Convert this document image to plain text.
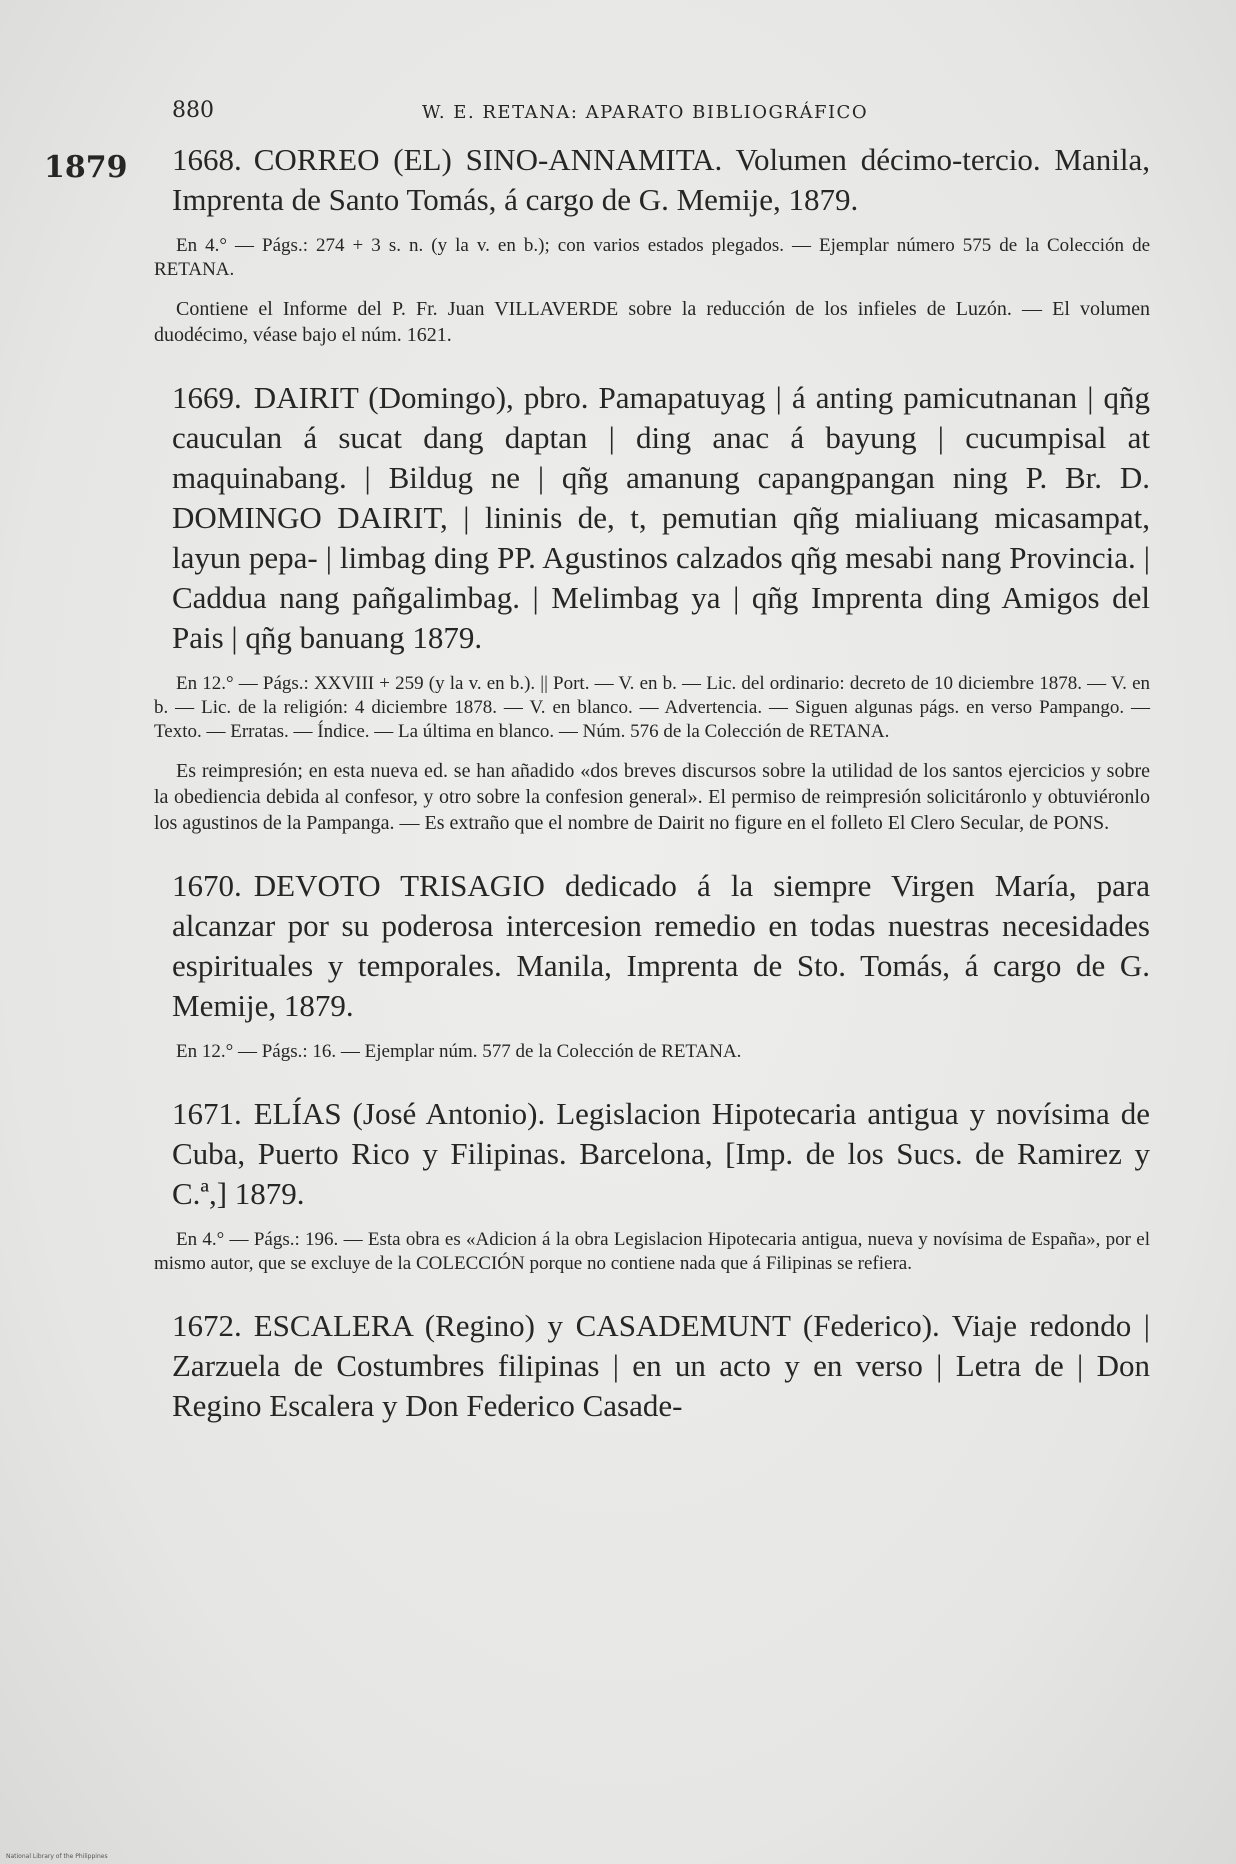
880	W. E. RETANA: APARATO BIBLIOGRÁFICO
1879	1668. CORREO (EL) SINO-ANNAMITA. Volumen décimo-tercio. Manila, Imprenta de Santo Tomás, á cargo de G. Memije, 1879.

En 4.° — Págs.: 274 + 3 s. n. (y la v. en b.); con varios estados plegados. — Ejemplar número 575 de la Colección de RETANA.

Contiene el Informe del P. Fr. Juan VILLAVERDE sobre la reducción de los infieles de Luzón. — El volumen duodécimo, véase bajo el núm. 1621.

1669. DAIRIT (Domingo), pbro. Pamapatuyag | á anting pamicutnanan | qñg cauculan á sucat dang daptan | ding anac á bayung | cucumpisal at maquinabang. | Bildug ne | qñg amanung capangpangan ning P. Br. D. DOMINGO DAIRIT, | lininis de, t, pemutian qñg mialiuang micasampat, layun pepa- | limbag ding PP. Agustinos calzados qñg mesabi nang Provincia. | Caddua nang pañgalimbag. | Melimbag ya | qñg Imprenta ding Amigos del Pais | qñg banuang 1879.

En 12.° — Págs.: XXVIII + 259 (y la v. en b.). || Port. — V. en b. — Lic. del ordinario: decreto de 10 diciembre 1878. — V. en b. — Lic. de la religión: 4 diciembre 1878. — V. en blanco. — Advertencia. — Siguen algunas págs. en verso Pampango. — Texto. — Erratas. — Índice. — La última en blanco. — Núm. 576 de la Colección de RETANA.

Es reimpresión; en esta nueva ed. se han añadido «dos breves discursos sobre la utilidad de los santos ejercicios y sobre la obediencia debida al confesor, y otro sobre la confesion general». El permiso de reimpresión solicitáronlo y obtuviéronlo los agustinos de la Pampanga. — Es extraño que el nombre de Dairit no figure en el folleto El Clero Secular, de PONS.

1670. DEVOTO TRISAGIO dedicado á la siempre Virgen María, para alcanzar por su poderosa intercesion remedio en todas nuestras necesidades espirituales y temporales. Manila, Imprenta de Sto. Tomás, á cargo de G. Memije, 1879.

En 12.° — Págs.: 16. — Ejemplar núm. 577 de la Colección de RETANA.

1671. ELÍAS (José Antonio). Legislacion Hipotecaria antigua y novísima de Cuba, Puerto Rico y Filipinas. Barcelona, [Imp. de los Sucs. de Ramirez y C.ª,] 1879.

En 4.° — Págs.: 196. — Esta obra es «Adicion á la obra Legislacion Hipotecaria antigua, nueva y novísima de España», por el mismo autor, que se excluye de la COLECCIÓN porque no contiene nada que á Filipinas se refiera.

1672. ESCALERA (Regino) y CASADEMUNT (Federico). Viaje redondo | Zarzuela de Costumbres filipinas | en un acto y en verso | Letra de | Don Regino Escalera y Don Federico Casade-

National Library of the Philippines
